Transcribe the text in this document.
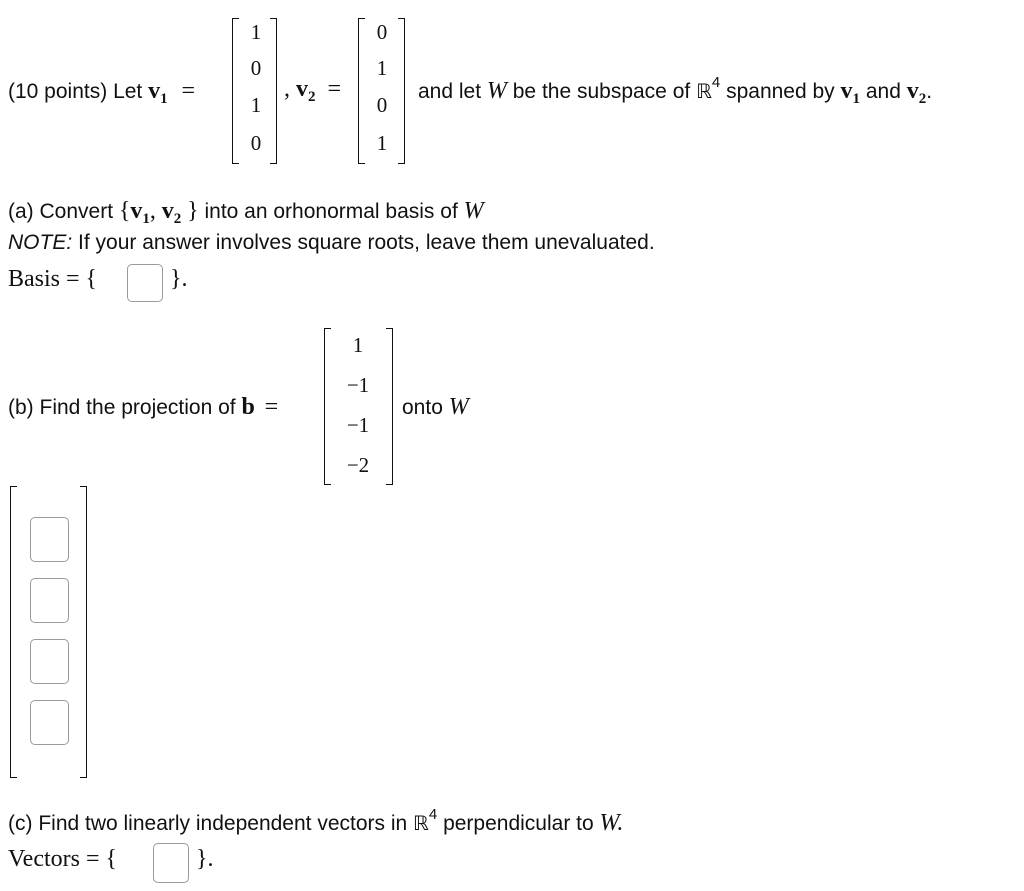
(10 points) Let $v_1$ =
1
0
1
0
, $v_2$ =
0
1
0
1
and let W be the subspace of ℝ$^4$ spanned by $v_1$ and $v_2$.
(a) Convert {$v_1$, $v_2$ } into an orhonormal basis of W
NOTE: If your answer involves square roots, leave them unevaluated.
Basis = {	}.
(b) Find the projection of b =
1
−1
−1
−2
onto W
(c) Find two linearly independent vectors in ℝ$^4$ perpendicular to W.
Vectors = {	}.
